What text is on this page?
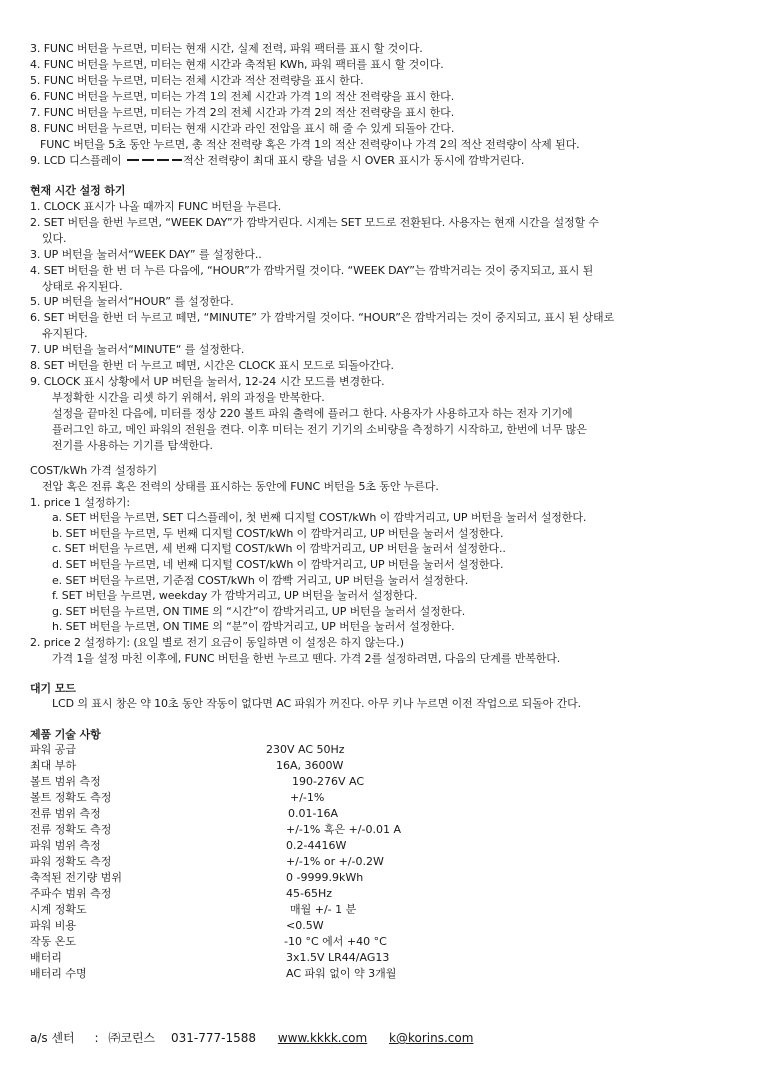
3. FUNC 버턴을 누르면, 미터는 현재 시간, 실제 전력, 파워 팩터를 표시 할 것이다.
4. FUNC 버턴을 누르면, 미터는 현재 시간과 축적된 KWh, 파워 팩터를 표시 할 것이다.
5. FUNC 버턴을 누르면, 미터는 전체 시간과 적산 전력량을 표시 한다.
6. FUNC 버턴을 누르면, 미터는 가격 1의 전체 시간과 가격 1의 적산 전력량을 표시 한다.
7. FUNC 버턴을 누르면, 미터는 가격 2의 전체 시간과 가격 2의 적산 전력량을 표시 한다.
8. FUNC 버턴을 누르면, 미터는 현재 시간과 라인 전압을 표시 해 줄 수 있게 되돌아 간다.
FUNC 버턴을 5초 동안 누르면, 총 적산 전력량 혹은 가격 1의 적산 전력량이나 가격 2의 적산 전력량이 삭제 된다.
9. LCD 디스플레이	적산 전력량이 최대 표시 량을 넘을 시 OVER 표시가 동시에 깜박거린다.
현재 시간 설정 하기
1. CLOCK 표시가 나올 때까지 FUNC 버턴을 누른다.
2. SET 버턴을 한번 누르면, “WEEK DAY”가 깜박거린다. 시계는 SET 모드로 전환된다. 사용자는 현재 시간을 설정할 수
있다.
3. UP 버턴을 눌러서“WEEK DAY” 를 설정한다..
4. SET 버턴을 한 번 더 누른 다음에, “HOUR”가 깜박거릴 것이다. “WEEK DAY”는 깜박거리는 것이 중지되고, 표시 된
상태로 유지된다.
5. UP 버턴을 눌러서“HOUR” 를 설정한다.
6. SET 버턴을 한번 더 누르고 떼면, “MINUTE” 가 깜박거릴 것이다. “HOUR”은 깜박거리는 것이 중지되고, 표시 된 상태로
유지된다.
7. UP 버턴을 눌러서“MINUTE“ 를 설정한다.
8. SET 버턴을 한번 더 누르고 떼면, 시간은 CLOCK 표시 모드로 되돌아간다.
9. CLOCK 표시 상황에서 UP 버턴을 눌러서, 12-24 시간 모드를 변경한다.
부정확한 시간을 리셋 하기 위해서, 위의 과정을 반복한다.
설정을 끝마친 다음에, 미터를 정상 220 볼트 파워 출력에 플러그 한다. 사용자가 사용하고자 하는 전자 기기에
플러그인 하고, 메인 파워의 전원을 켠다. 이후 미터는 전기 기기의 소비량을 측정하기 시작하고, 한번에 너무 많은
전기를 사용하는 기기를 탐색한다.
COST/kWh 가격 설정하기
전압 혹은 전류 혹은 전력의 상태를 표시하는 동안에 FUNC 버턴을 5초 동안 누른다.
1. price 1 설정하기:
a. SET 버턴을 누르면, SET 디스플레이, 첫 번째 디지털 COST/kWh 이 깜박거리고, UP 버턴을 눌러서 설정한다.
b. SET 버턴을 누르면, 두 번째 디지털 COST/kWh 이 깜박거리고, UP 버턴을 눌러서 설정한다.
c. SET 버턴을 누르면, 세 번째 디지털 COST/kWh 이 깜박거리고, UP 버턴을 눌러서 설정한다..
d. SET 버턴을 누르면, 네 번째 디지털 COST/kWh 이 깜박거리고, UP 버턴을 눌러서 설정한다.
e. SET 버턴을 누르면, 기준점 COST/kWh 이 깜빡 거리고, UP 버턴을 눌러서 설정한다.
f. SET 버턴을 누르면, weekday 가 깜박거리고, UP 버턴을 눌러서 설정한다.
g. SET 버턴을 누르면, ON TIME 의 “시간”이 깜박거리고, UP 버턴을 눌러서 설정한다.
h. SET 버턴을 누르면, ON TIME 의 “분”이 깜박거리고, UP 버턴을 눌러서 설정한다.
2. price 2 설정하기: (요일 별로 전기 요금이 동일하면 이 설정은 하지 않는다.)
가격 1을 설정 마친 이후에, FUNC 버턴을 한번 누르고 뗀다. 가격 2를 설정하려면, 다음의 단계를 반복한다.
대기 모드
LCD 의 표시 창은 약 10초 동안 작동이 없다면 AC 파워가 꺼진다. 아무 키나 누르면 이전 작업으로 되돌아 간다.
제품 기술 사항
파워 공급	230V AC 50Hz
최대 부하	16A, 3600W
볼트 범위 측정	190-276V AC
볼트 정확도 측정	+/-1%
전류 범위 측정	0.01-16A
전류 정확도 측정	+/-1% 혹은 +/-0.01 A
파워 범위 측정	0.2-4416W
파워 정확도 측정	+/-1% or +/-0.2W
축적된 전기량 범위	0 -9999.9kWh
주파수 범위 측정	45-65Hz
시계 정확도	매월 +/- 1 분
파워 비용	<0.5W
작동 온도	-10 °C 에서 +40 °C
배터리	3x1.5V LR44/AG13
배터리 수명	AC 파워 없이 약 3개월
a/s 센터 : ㈜코린스 031-777-1588 www.kkkk.com k@korins.com
